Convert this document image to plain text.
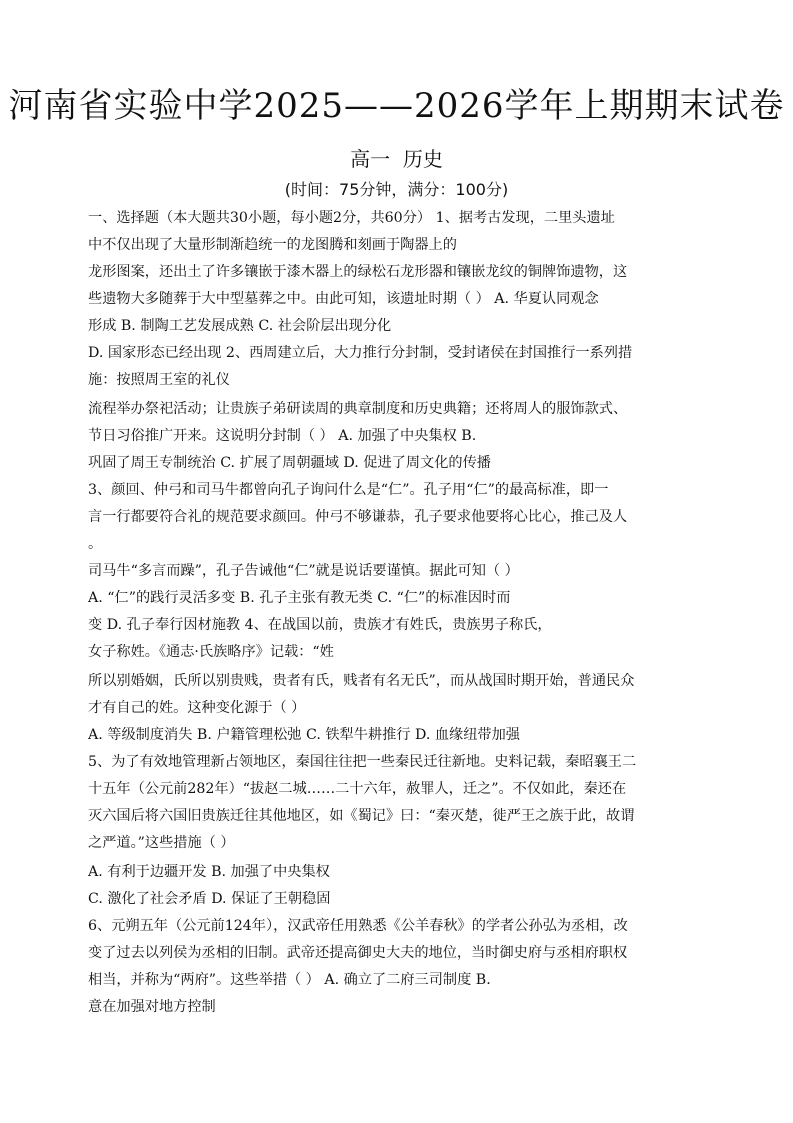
河南省实验中学2025——2026学年上期期末试卷
高一  历史
(时间：75分钟，满分：100分)
一、选择题（本大题共30小题，每小题2分，共60分） 1、据考古发现，二里头遗址
中不仅出现了大量形制渐趋统一的龙图腾和刻画于陶器上的
龙形图案，还出土了许多镶嵌于漆木器上的绿松石龙形器和镶嵌龙纹的铜牌饰遗物，这
些遗物大多随葬于大中型墓葬之中。由此可知，该遗址时期（ ） A. 华夏认同观念
形成 B. 制陶工艺发展成熟 C. 社会阶层出现分化
D. 国家形态已经出现 2、西周建立后，大力推行分封制，受封诸侯在封国推行一系列措
施：按照周王室的礼仪
流程举办祭祀活动；让贵族子弟研读周的典章制度和历史典籍；还将周人的服饰款式、
节日习俗推广开来。这说明分封制（ ） A. 加强了中央集权 B.
巩固了周王专制统治 C. 扩展了周朝疆域 D. 促进了周文化的传播
3、颜回、仲弓和司马牛都曾向孔子询问什么是“仁”。孔子用“仁”的最高标准，即一
言一行都要符合礼的规范要求颜回。仲弓不够谦恭，孔子要求他要将心比心，推己及人
。
司马牛“多言而躁”，孔子告诫他“仁”就是说话要谨慎。据此可知（ ）
A. “仁”的践行灵活多变 B. 孔子主张有教无类 C. “仁”的标准因时而
变 D. 孔子奉行因材施教 4、在战国以前，贵族才有姓氏，贵族男子称氏，
女子称姓。《通志·氏族略序》记载：“姓
所以别婚姻，氏所以别贵贱，贵者有氏，贱者有名无氏”，而从战国时期开始，普通民众
才有自己的姓。这种变化源于（ ）
A. 等级制度消失 B. 户籍管理松弛 C. 铁犁牛耕推行 D. 血缘纽带加强
5、为了有效地管理新占领地区，秦国往往把一些秦民迁往新地。史料记载，秦昭襄王二
十五年（公元前282年）“拔赵二城……二十六年，赦罪人，迁之”。不仅如此，秦还在
灭六国后将六国旧贵族迁往其他地区，如《蜀记》曰：“秦灭楚，徙严王之族于此，故谓
之严道。”这些措施（ ）
A. 有利于边疆开发 B. 加强了中央集权
C. 激化了社会矛盾 D. 保证了王朝稳固
6、元朔五年（公元前124年），汉武帝任用熟悉《公羊春秋》的学者公孙弘为丞相，改
变了过去以列侯为丞相的旧制。武帝还提高御史大夫的地位，当时御史府与丞相府职权
相当，并称为“两府”。这些举措（ ） A. 确立了二府三司制度 B.
意在加强对地方控制
